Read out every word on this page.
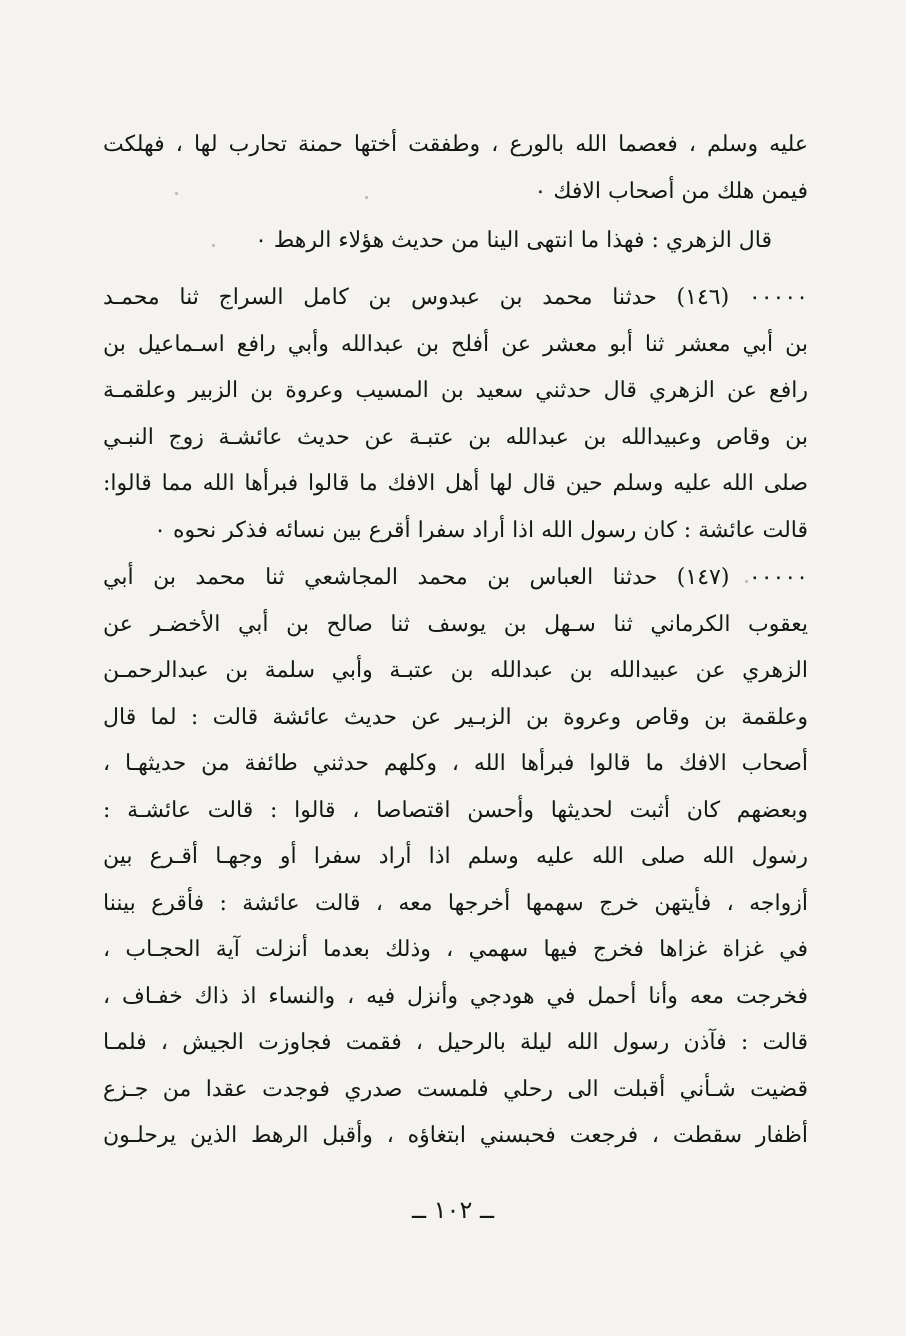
عليه وسلم ، فعصما الله بالورع ، وطفقت أختها حمنة تحارب لها ، فهلكت
فيمن هلك من أصحاب الافك ٠
قال الزهري : فهذا ما انتهى الينا من حديث هؤلاء الرهط ٠
٠٠٠٠٠ (١٤٦) حدثنا محمد بن عبدوس بن كامل السراج ثنا محمـد
بن أبي معشر ثنا أبو معشر عن أفلح بن عبدالله وأبي رافع اسـماعيل بن
رافع عن الزهري قال حدثني سعيد بن المسيب وعروة بن الزبير وعلقمـة
بن وقاص وعبيدالله بن عبدالله بن عتبـة عن حديث عائشـة زوج النبـي
صلى الله عليه وسلم حين قال لها أهل الافك ما قالوا فبرأها الله مما قالوا:
قالت عائشة : كان رسول الله اذا أراد سفرا أقرع بين نسائه فذكر نحوه ٠
٠٠٠٠٠ (١٤٧) حدثنا العباس بن محمد المجاشعي ثنا محمد بن أبي
يعقوب الكرماني ثنا سـهل بن يوسف ثنا صالح بن أبي الأخضـر عن
الزهري عن عبيدالله بن عبدالله بن عتبـة وأبي سلمة بن عبدالرحمـن
وعلقمة بن وقاص وعروة بن الزبـير عن حديث عائشة قالت : لما قال
أصحاب الافك ما قالوا فبرأها الله ، وكلهم حدثني طائفة من حديثهـا ،
وبعضهم كان أثبت لحديثها وأحسن اقتصاصا ، قالوا : قالت عائشـة :
رسول الله صلى الله عليه وسلم اذا أراد سفرا أو وجهـا أقـرع بين
أزواجه ، فأيتهن خرج سهمها أخرجها معه ، قالت عائشة : فأقرع بيننا
في غزاة غزاها فخرج فيها سهمي ، وذلك بعدما أنزلت آية الحجـاب ،
فخرجت معه وأنا أحمل في هودجي وأنزل فيه ، والنساء اذ ذاك خفـاف ،
قالت : فآذن رسول الله ليلة بالرحيل ، فقمت فجاوزت الجيش ، فلمـا
قضيت شـأني أقبلت الى رحلي فلمست صدري فوجدت عقدا من جـزع
أظفار سقطت ، فرجعت فحبسني ابتغاؤه ، وأقبل الرهط الذين يرحلـون
ــ ١٠٢ ــ
